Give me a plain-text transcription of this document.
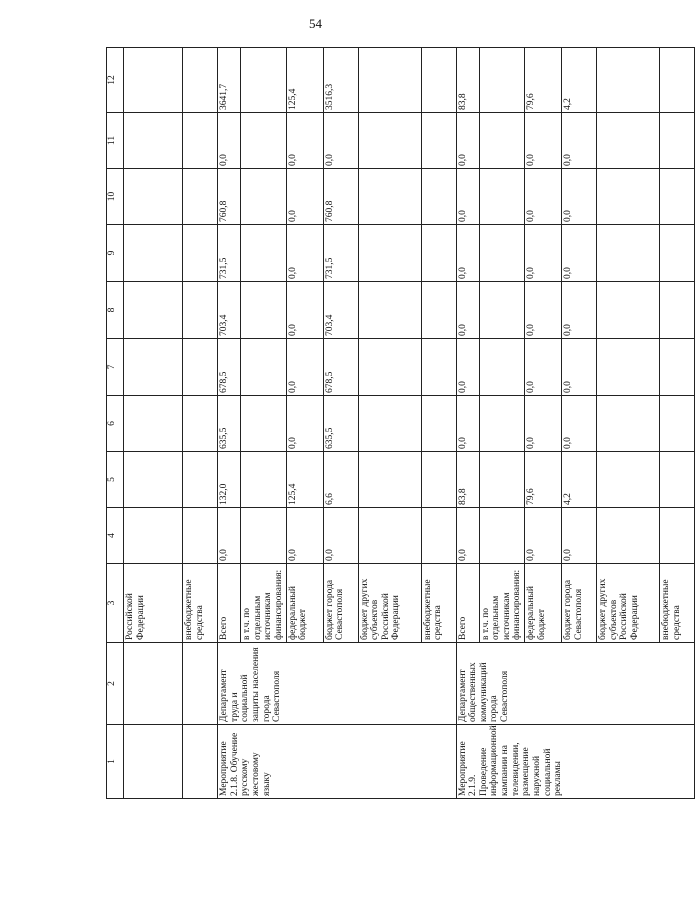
54
1	2	3	4	5	6	7	8	9	10	11	12
		Российской Федерации									
		внебюджетные средства									
Мероприятие 2.1.8. Обучение русскому жестовому языку	Департамент труда и социальной защиты населения города Севастополя	Всего	0,0	132,0	635,5	678,5	703,4	731,5	760,8	0,0	3641,7
		в т.ч. по отдельным источникам финансирования:									
		федеральный бюджет	0,0	125,4	0,0	0,0	0,0	0,0	0,0	0,0	125,4
		бюджет города Севастополя	0,0	6,6	635,5	678,5	703,4	731,5	760,8	0,0	3516,3
		бюджет других субъектов Российской Федерации									
		внебюджетные средства									
Мероприятие 2.1.9. Проведение информационной кампании на телевидении, размещение наружной социальной рекламы	Департамент общественных коммуникаций города Севастополя	Всего	0,0	83,8	0,0	0,0	0,0	0,0	0,0	0,0	83,8
		в т.ч. по отдельным источникам финансирования:									
		федеральный бюджет	0,0	79,6	0,0	0,0	0,0	0,0	0,0	0,0	79,6
		бюджет города Севастополя	0,0	4,2	0,0	0,0	0,0	0,0	0,0	0,0	4,2
		бюджет других субъектов Российской Федерации									
		внебюджетные средства									
